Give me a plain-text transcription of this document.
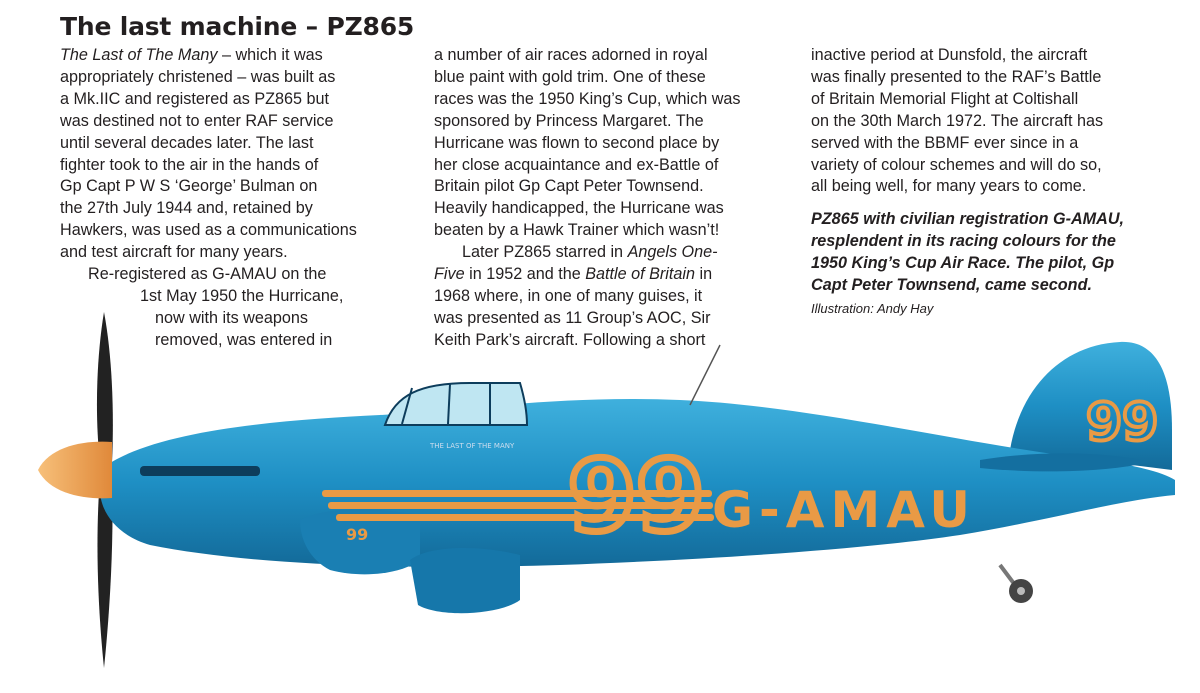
The last machine – PZ865
The Last of The Many – which it was
appropriately christened – was built as
a Mk.IIC and registered as PZ865 but
was destined not to enter RAF service
until several decades later. The last
fighter took to the air in the hands of
Gp Capt P W S ‘George’ Bulman on
the 27th July 1944 and, retained by
Hawkers, was used as a communications
and test aircraft for many years.
Re-registered as G-AMAU on the
1st May 1950 the Hurricane,
now with its weapons
removed, was entered in
a number of air races adorned in royal
blue paint with gold trim. One of these
races was the 1950 King’s Cup, which was
sponsored by Princess Margaret. The
Hurricane was flown to second place by
her close acquaintance and ex-Battle of
Britain pilot Gp Capt Peter Townsend.
Heavily handicapped, the Hurricane was
beaten by a Hawk Trainer which wasn’t!
Later PZ865 starred in Angels One-
Five in 1952 and the Battle of Britain in
1968 where, in one of many guises, it
was presented as 11 Group’s AOC, Sir
Keith Park’s aircraft. Following a short
inactive period at Dunsfold, the aircraft
was finally presented to the RAF’s Battle
of Britain Memorial Flight at Coltishall
on the 30th March 1972. The aircraft has
served with the BBMF ever since in a
variety of colour schemes and will do so,
all being well, for many years to come.
PZ865 with civilian registration G-AMAU,
resplendent in its racing colours for the
1950 King’s Cup Air Race. The pilot, Gp
Capt Peter Townsend, came second.
Illustration: Andy Hay
99 G-AMAU
99
99
THE LAST OF THE MANY
